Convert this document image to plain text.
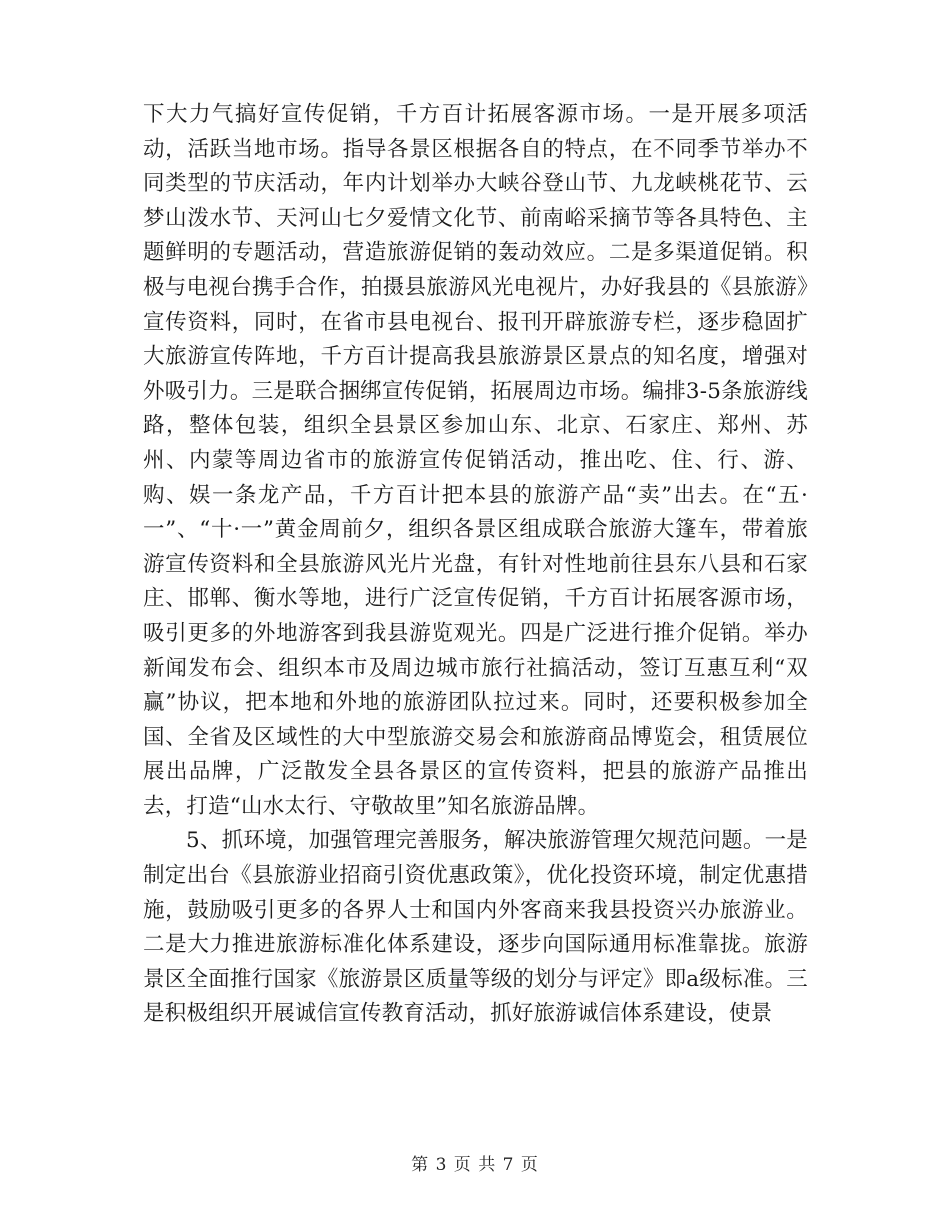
下大力气搞好宣传促销，千方百计拓展客源市场。一是开展多项活动，活跃当地市场。指导各景区根据各自的特点，在不同季节举办不同类型的节庆活动，年内计划举办大峡谷登山节、九龙峡桃花节、云梦山泼水节、天河山七夕爱情文化节、前南峪采摘节等各具特色、主题鲜明的专题活动，营造旅游促销的轰动效应。二是多渠道促销。积极与电视台携手合作，拍摄县旅游风光电视片，办好我县的《县旅游》宣传资料，同时，在省市县电视台、报刊开辟旅游专栏，逐步稳固扩大旅游宣传阵地，千方百计提高我县旅游景区景点的知名度，增强对外吸引力。三是联合捆绑宣传促销，拓展周边市场。编排3-5条旅游线路，整体包装，组织全县景区参加山东、北京、石家庄、郑州、苏州、内蒙等周边省市的旅游宣传促销活动，推出吃、住、行、游、购、娱一条龙产品，千方百计把本县的旅游产品“卖”出去。在“五·一”、“十·一”黄金周前夕，组织各景区组成联合旅游大篷车，带着旅游宣传资料和全县旅游风光片光盘，有针对性地前往县东八县和石家庄、邯郸、衡水等地，进行广泛宣传促销，千方百计拓展客源市场，吸引更多的外地游客到我县游览观光。四是广泛进行推介促销。举办新闻发布会、组织本市及周边城市旅行社搞活动，签订互惠互利“双赢”协议，把本地和外地的旅游团队拉过来。同时，还要积极参加全国、全省及区域性的大中型旅游交易会和旅游商品博览会，租赁展位展出品牌，广泛散发全县各景区的宣传资料，把县的旅游产品推出去，打造“山水太行、守敬故里”知名旅游品牌。

5、抓环境，加强管理完善服务，解决旅游管理欠规范问题。一是制定出台《县旅游业招商引资优惠政策》，优化投资环境，制定优惠措施，鼓励吸引更多的各界人士和国内外客商来我县投资兴办旅游业。二是大力推进旅游标准化体系建设，逐步向国际通用标准靠拢。旅游景区全面推行国家《旅游景区质量等级的划分与评定》即a级标准。三是积极组织开展诚信宣传教育活动，抓好旅游诚信体系建设，使景

第 3 页 共 7 页
